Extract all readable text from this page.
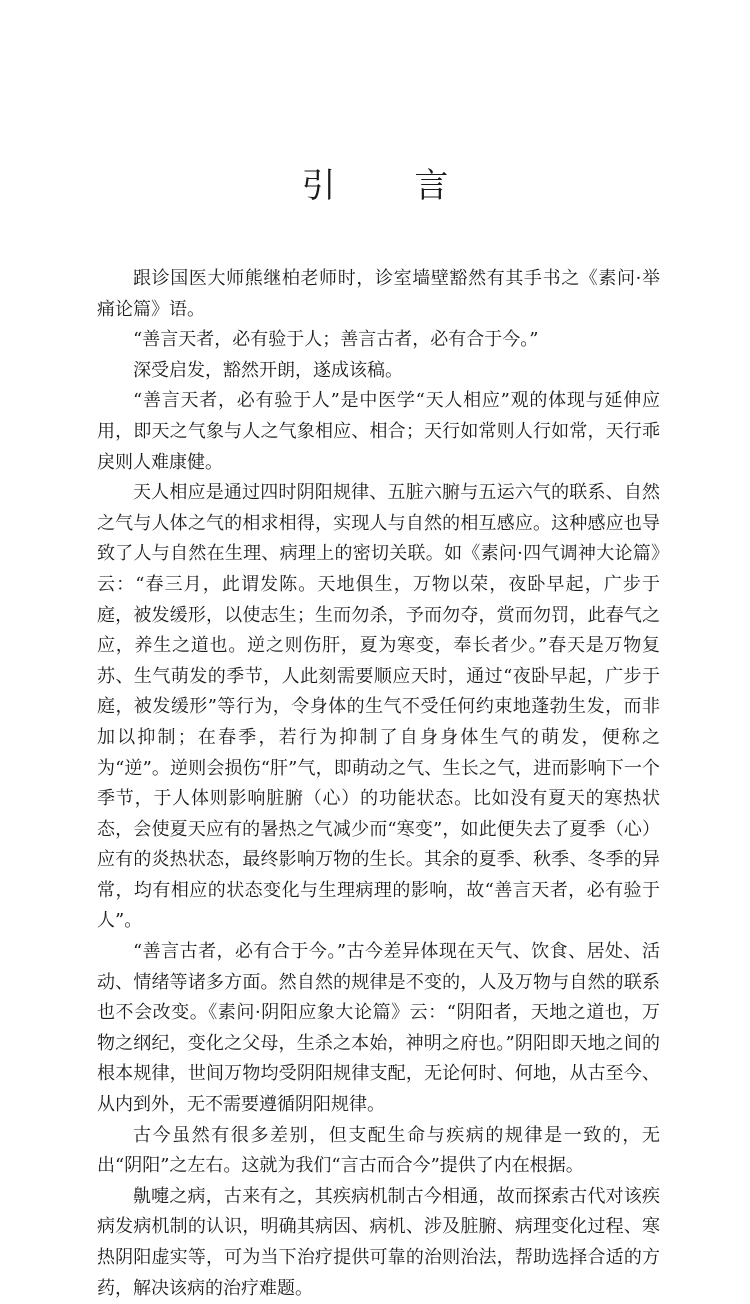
引 言

跟诊国医大师熊继柏老师时，诊室墙壁豁然有其手书之《素问·举痛论篇》语。

“善言天者，必有验于人；善言古者，必有合于今。”

深受启发，豁然开朗，遂成该稿。

“善言天者，必有验于人”是中医学“天人相应”观的体现与延伸应用，即天之气象与人之气象相应、相合；天行如常则人行如常，天行乖戾则人难康健。

天人相应是通过四时阴阳规律、五脏六腑与五运六气的联系、自然之气与人体之气的相求相得，实现人与自然的相互感应。这种感应也导致了人与自然在生理、病理上的密切关联。如《素问·四气调神大论篇》云：“春三月，此谓发陈。天地俱生，万物以荣，夜卧早起，广步于庭，被发缓形，以使志生；生而勿杀，予而勿夺，赏而勿罚，此春气之应，养生之道也。逆之则伤肝，夏为寒变，奉长者少。”春天是万物复苏、生气萌发的季节，人此刻需要顺应天时，通过“夜卧早起，广步于庭，被发缓形”等行为，令身体的生气不受任何约束地蓬勃生发，而非加以抑制；在春季，若行为抑制了自身身体生气的萌发，便称之为“逆”。逆则会损伤“肝”气，即萌动之气、生长之气，进而影响下一个季节，于人体则影响脏腑（心）的功能状态。比如没有夏天的寒热状态，会使夏天应有的暑热之气减少而“寒变”，如此便失去了夏季（心）应有的炎热状态，最终影响万物的生长。其余的夏季、秋季、冬季的异常，均有相应的状态变化与生理病理的影响，故“善言天者，必有验于人”。

“善言古者，必有合于今。”古今差异体现在天气、饮食、居处、活动、情绪等诸多方面。然自然的规律是不变的，人及万物与自然的联系也不会改变。《素问·阴阳应象大论篇》云：“阴阳者，天地之道也，万物之纲纪，变化之父母，生杀之本始，神明之府也。”阴阳即天地之间的根本规律，世间万物均受阴阳规律支配，无论何时、何地，从古至今、从内到外，无不需要遵循阴阳规律。

古今虽然有很多差别，但支配生命与疾病的规律是一致的，无出“阴阳”之左右。这就为我们“言古而合今”提供了内在根据。

鼽嚏之病，古来有之，其疾病机制古今相通，故而探索古代对该疾病发病机制的认识，明确其病因、病机、涉及脏腑、病理变化过程、寒热阴阳虚实等，可为当下治疗提供可靠的治则治法，帮助选择合适的方药，解决该病的治疗难题。
